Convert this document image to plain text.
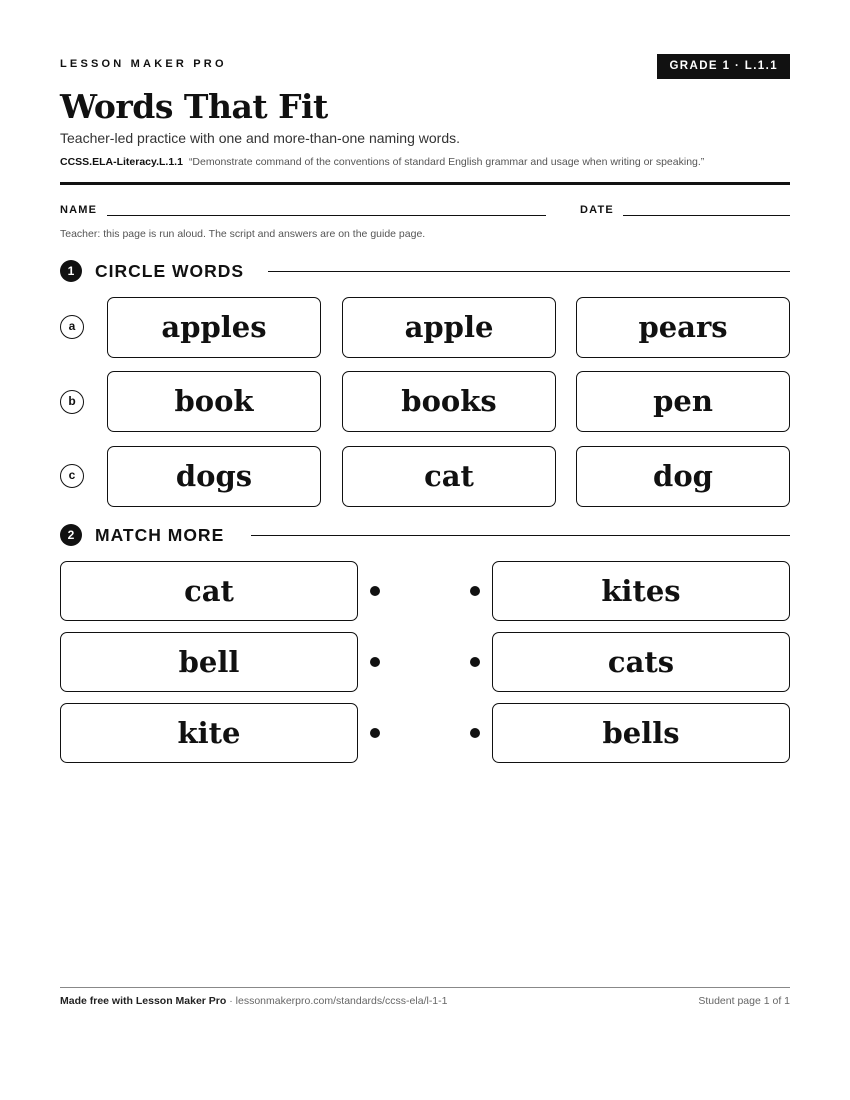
LESSON MAKER PRO	GRADE 1 · L.1.1
Words That Fit
Teacher-led practice with one and more-than-one naming words.
CCSS.ELA-Literacy.L.1.1 “Demonstrate command of the conventions of standard English grammar and usage when writing or speaking.”
NAME	DATE
Teacher: this page is run aloud. The script and answers are on the guide page.
1	CIRCLE WORDS
a	apples	apple	pears
b	book	books	pen
c	dogs	cat	dog
2	MATCH MORE
cat	kites
bell	cats
kite	bells
Made free with Lesson Maker Pro · lessonmakerpro.com/standards/ccss-ela/l-1-1	Student page 1 of 1
